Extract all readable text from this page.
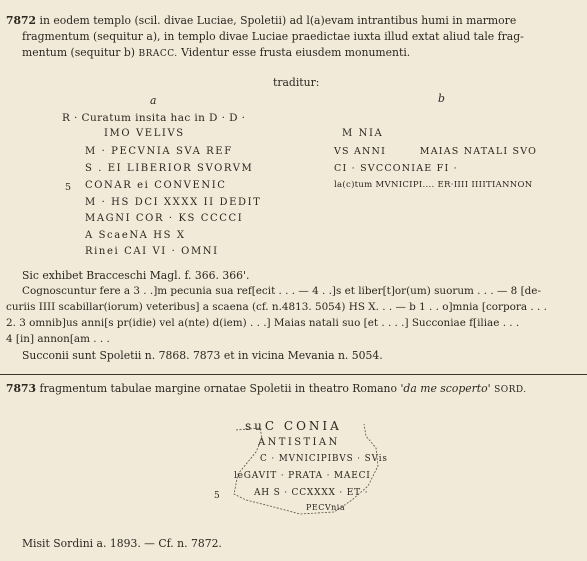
7872 in eodem templo (scil. divae Luciae, Spoletii) ad l(a)evam intrantibus humi in marmore
fragmentum (sequitur a), in templo divae Luciae praedictae iuxta illud extat aliud tale frag-
mentum (sequitur b) BRACC. Videntur esse frusta eiusdem monumenti.
traditur:
a	b
R · Curatum insita hac in D · D ·
IMO VELIVS
M · PECVNIA SVA REF
S . EI LIBERIOR SVORVM
5 CONAR ei CONVENIC
M · HS DCI XXXX II DEDIT
MAGNI COR · KS CCCCI
A ScaeNA HS X
Rinei CAI VI · OMNI
M NIA
VS ANNI        MAIAS NATALI SVO
CI · SVCCONIAE FI ·
la(c)tum MVNICIPI.... ER·IIII IIIITIANNON
Sic exhibet Bracceschi Magl. f. 366. 366'.
Cognoscuntur fere a 3 . .]m pecunia sua ref[ecit . . . — 4 . .]s et liber[t]or(um) suorum . . . — 8 [de-
curiis IIII scabillar(iorum) veteribus] a scaena (cf. n.4813. 5054) HS X. . . — b 1 . . o]mnia [corpora . . .
2. 3 omnib]us anni[s pr(idie) vel a(nte) d(iem) . . .] Maias natali suo [et . . . .] Succoniae f[iliae . . .
4 [in] annon[am . . .
Succonii sunt Spoletii n. 7868. 7873 et in vicina Mevania n. 5054.
7873 fragmentum tabulae margine ornatae Spoletii in theatro Romano 'da me scoperto' SORD.
suC CONIA
ANTISTIAN
C · MVNICIPIBVS · SVis
leGAVIT · PRATA · MAECI
5	AH S · CCXXXX · ET ·
PECVnia
Misit Sordini a. 1893. — Cf. n. 7872.
